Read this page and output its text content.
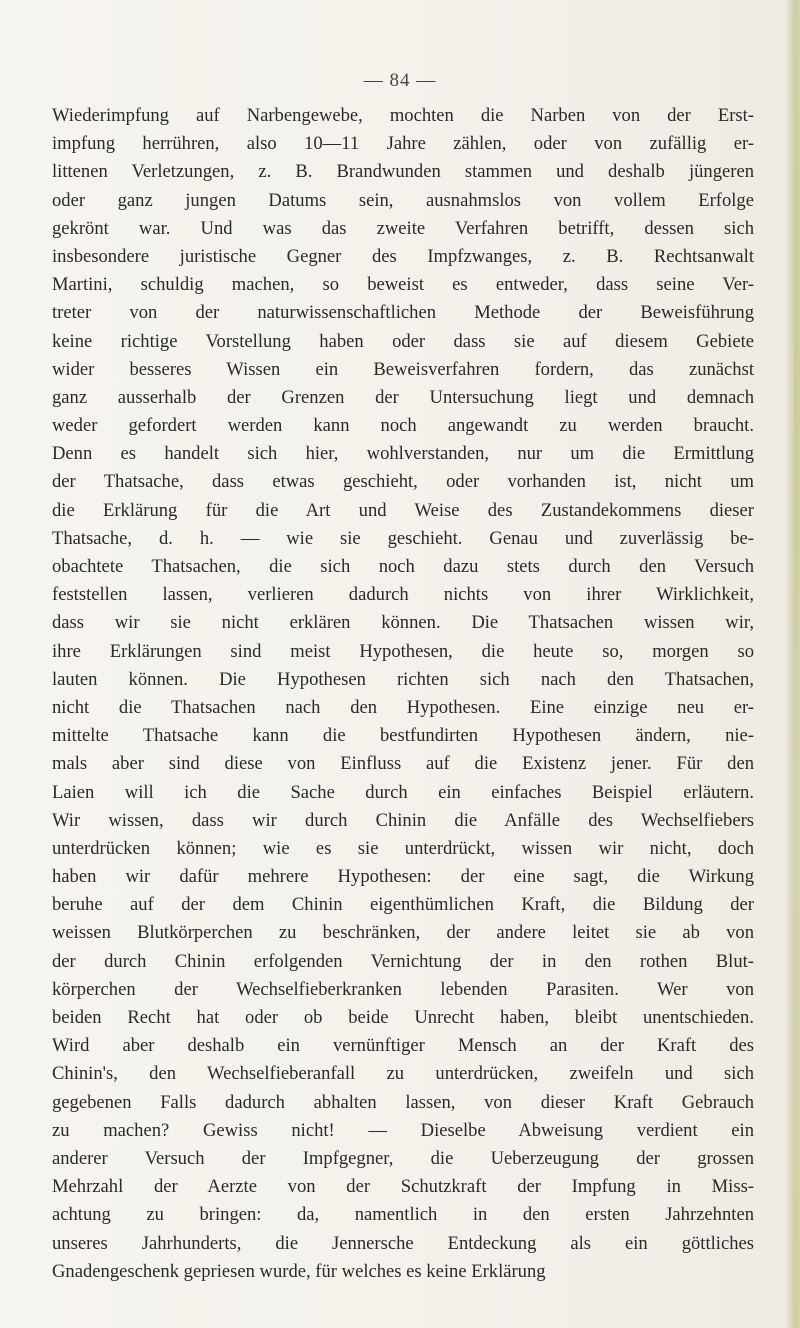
— 84 —
Wiederimpfung auf Narbengewebe, mochten die Narben von der Erst-
impfung herrühren, also 10—11 Jahre zählen, oder von zufällig er-
littenen Verletzungen, z. B. Brandwunden stammen und deshalb jüngeren
oder ganz jungen Datums sein, ausnahmslos von vollem Erfolge
gekrönt war. Und was das zweite Verfahren betrifft, dessen sich
insbesondere juristische Gegner des Impfzwanges, z. B. Rechtsanwalt
Martini, schuldig machen, so beweist es entweder, dass seine Ver-
treter von der naturwissenschaftlichen Methode der Beweisführung
keine richtige Vorstellung haben oder dass sie auf diesem Gebiete
wider besseres Wissen ein Beweisverfahren fordern, das zunächst
ganz ausserhalb der Grenzen der Untersuchung liegt und demnach
weder gefordert werden kann noch angewandt zu werden braucht.
Denn es handelt sich hier, wohlverstanden, nur um die Ermittlung
der Thatsache, dass etwas geschieht, oder vorhanden ist, nicht um
die Erklärung für die Art und Weise des Zustandekommens dieser
Thatsache, d. h. — wie sie geschieht. Genau und zuverlässig be-
obachtete Thatsachen, die sich noch dazu stets durch den Versuch
feststellen lassen, verlieren dadurch nichts von ihrer Wirklichkeit,
dass wir sie nicht erklären können. Die Thatsachen wissen wir,
ihre Erklärungen sind meist Hypothesen, die heute so, morgen so
lauten können. Die Hypothesen richten sich nach den Thatsachen,
nicht die Thatsachen nach den Hypothesen. Eine einzige neu er-
mittelte Thatsache kann die bestfundirten Hypothesen ändern, nie-
mals aber sind diese von Einfluss auf die Existenz jener. Für den
Laien will ich die Sache durch ein einfaches Beispiel erläutern.
Wir wissen, dass wir durch Chinin die Anfälle des Wechselfiebers
unterdrücken können; wie es sie unterdrückt, wissen wir nicht, doch
haben wir dafür mehrere Hypothesen: der eine sagt, die Wirkung
beruhe auf der dem Chinin eigenthümlichen Kraft, die Bildung der
weissen Blutkörperchen zu beschränken, der andere leitet sie ab von
der durch Chinin erfolgenden Vernichtung der in den rothen Blut-
körperchen der Wechselfieberkranken lebenden Parasiten. Wer von
beiden Recht hat oder ob beide Unrecht haben, bleibt unentschieden.
Wird aber deshalb ein vernünftiger Mensch an der Kraft des
Chinin's, den Wechselfieberanfall zu unterdrücken, zweifeln und sich
gegebenen Falls dadurch abhalten lassen, von dieser Kraft Gebrauch
zu machen? Gewiss nicht! — Dieselbe Abweisung verdient ein
anderer Versuch der Impfgegner, die Ueberzeugung der grossen
Mehrzahl der Aerzte von der Schutzkraft der Impfung in Miss-
achtung zu bringen: da, namentlich in den ersten Jahrzehnten
unseres Jahrhunderts, die Jennersche Entdeckung als ein göttliches
Gnadengeschenk gepriesen wurde, für welches es keine Erklärung
